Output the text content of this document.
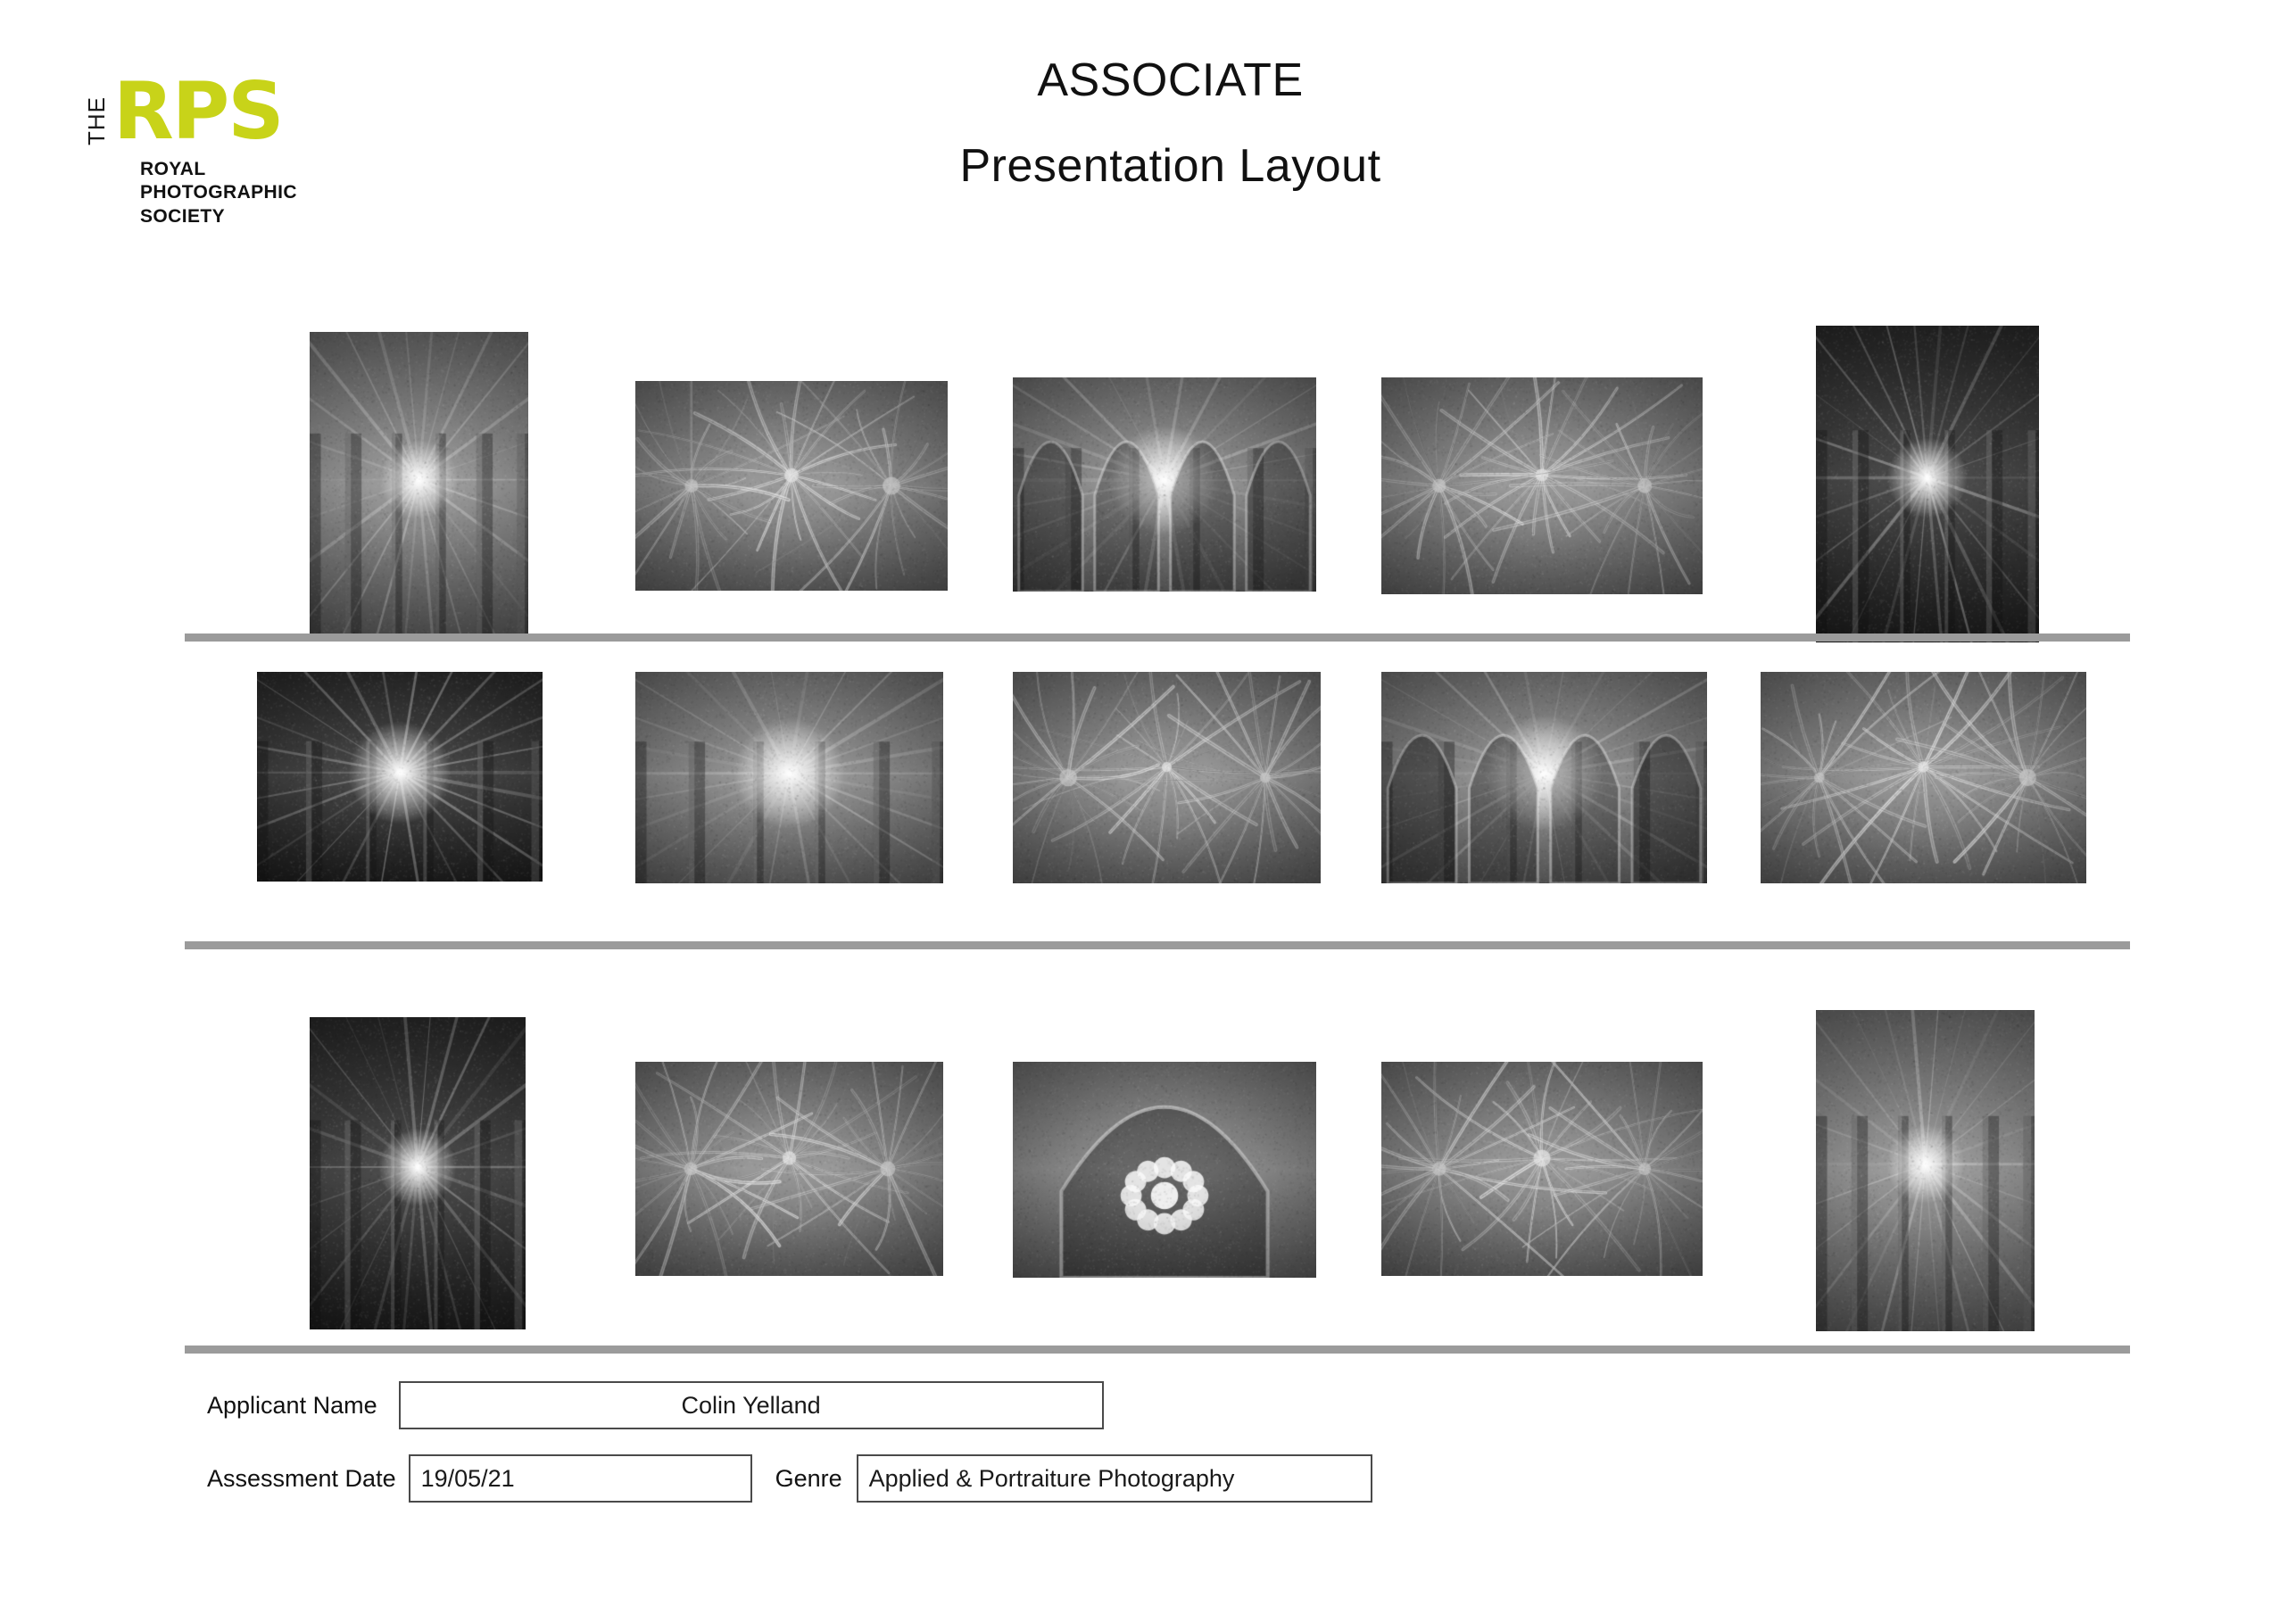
THE RPS
ROYAL
PHOTOGRAPHIC
SOCIETY
ASSOCIATE
Presentation Layout
Applicant Name	Colin Yelland
Assessment Date	19/05/21	Genre	Applied & Portraiture Photography
